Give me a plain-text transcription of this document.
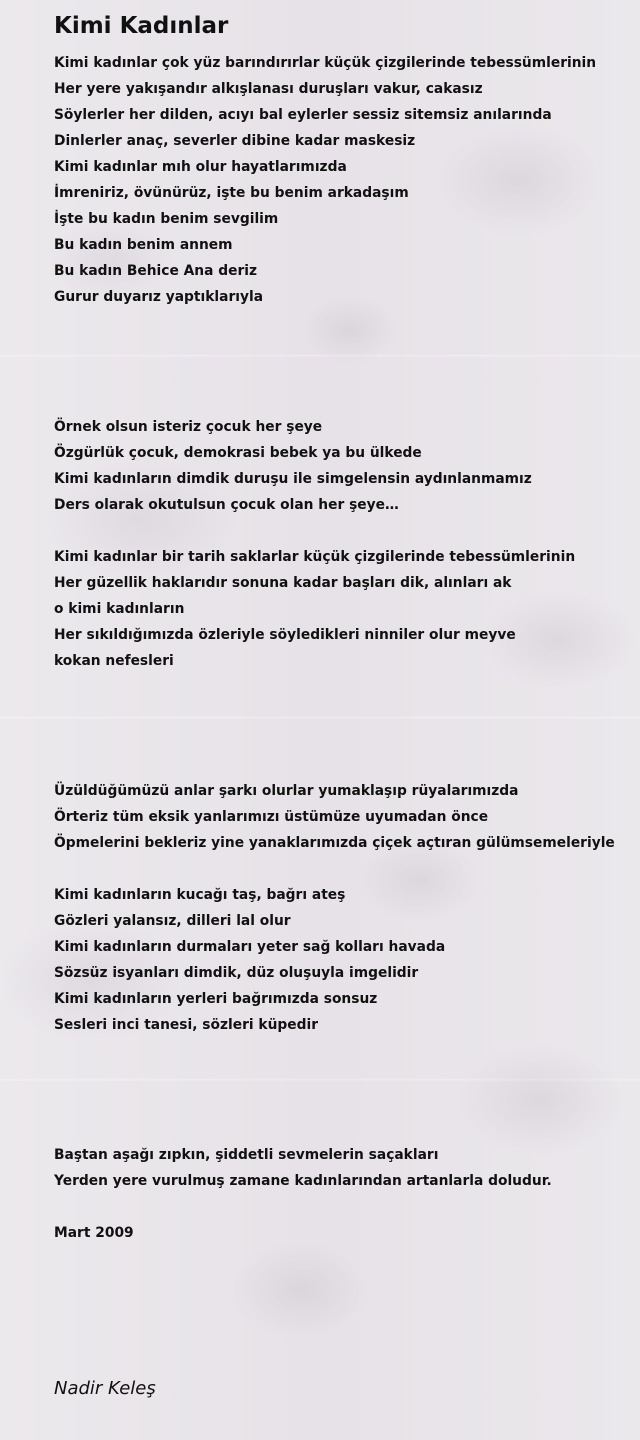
Kimi Kadınlar
Kimi kadınlar çok yüz barındırırlar küçük çizgilerinde tebessümlerinin
Her yere yakışandır alkışlanası duruşları vakur, cakasız
Söylerler her dilden, acıyı bal eylerler sessiz sitemsiz anılarında
Dinlerler anaç, severler dibine kadar maskesiz
Kimi kadınlar mıh olur hayatlarımızda
İmreniriz, övünürüz, işte bu benim arkadaşım
İşte bu kadın benim sevgilim
Bu kadın benim annem
Bu kadın Behice Ana deriz
Gurur duyarız yaptıklarıyla
Örnek olsun isteriz çocuk her şeye
Özgürlük çocuk, demokrasi bebek ya bu ülkede
Kimi kadınların dimdik duruşu ile simgelensin aydınlanmamız
Ders olarak okutulsun çocuk olan her şeye…
Kimi kadınlar bir tarih saklarlar küçük çizgilerinde tebessümlerinin
Her güzellik haklarıdır sonuna kadar başları dik, alınları ak
o kimi kadınların
Her sıkıldığımızda özleriyle söyledikleri ninniler olur meyve
kokan nefesleri
Üzüldüğümüzü anlar şarkı olurlar yumaklaşıp rüyalarımızda
Örteriz tüm eksik yanlarımızı üstümüze uyumadan önce
Öpmelerini bekleriz yine yanaklarımızda çiçek açtıran gülümsemeleriyle
Kimi kadınların kucağı taş, bağrı ateş
Gözleri yalansız, dilleri lal olur
Kimi kadınların durmaları yeter sağ kolları havada
Sözsüz isyanları dimdik, düz oluşuyla imgelidir
Kimi kadınların yerleri bağrımızda sonsuz
Sesleri inci tanesi, sözleri küpedir
Baştan aşağı zıpkın, şiddetli sevmelerin saçakları
Yerden yere vurulmuş zamane kadınlarından artanlarla doludur.
Mart 2009
Nadir Keleş
